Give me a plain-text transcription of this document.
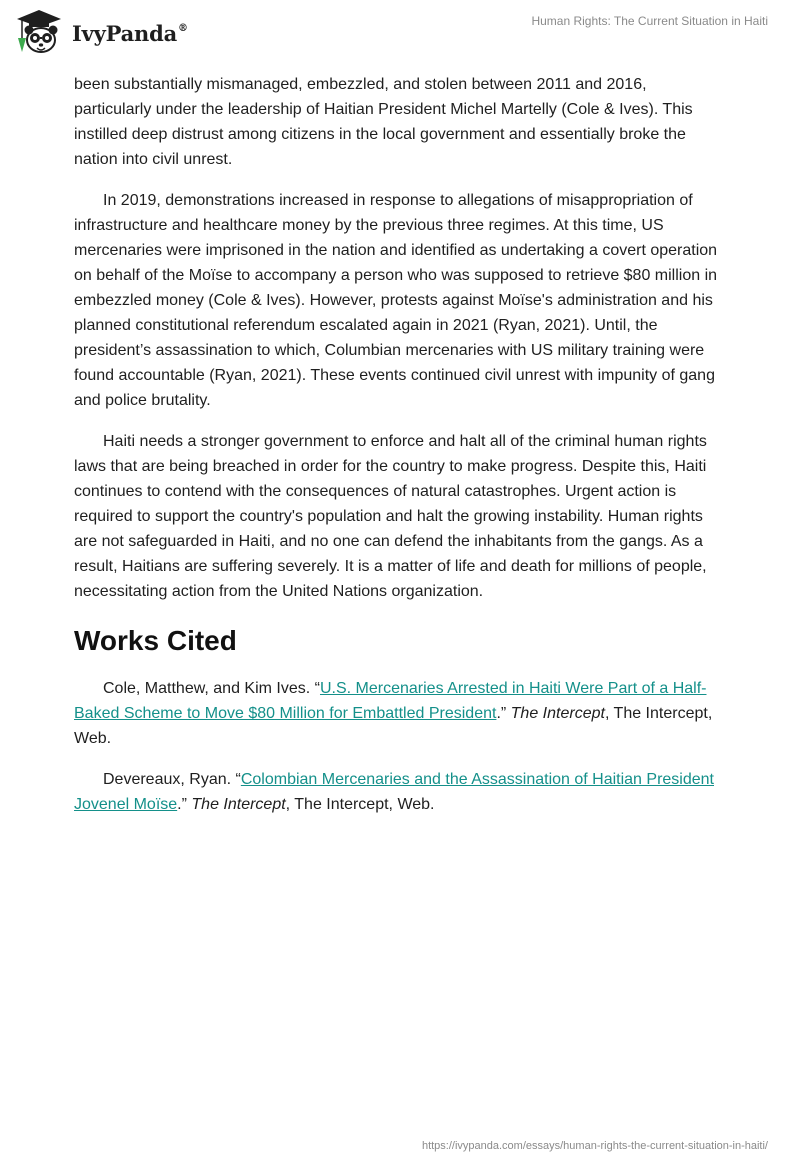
IvyPanda®	Human Rights: The Current Situation in Haiti

been substantially mismanaged, embezzled, and stolen between 2011 and 2016, particularly under the leadership of Haitian President Michel Martelly (Cole & Ives). This instilled deep distrust among citizens in the local government and essentially broke the nation into civil unrest.

In 2019, demonstrations increased in response to allegations of misappropriation of infrastructure and healthcare money by the previous three regimes. At this time, US mercenaries were imprisoned in the nation and identified as undertaking a covert operation on behalf of the Moïse to accompany a person who was supposed to retrieve $80 million in embezzled money (Cole & Ives). However, protests against Moïse's administration and his planned constitutional referendum escalated again in 2021 (Ryan, 2021). Until, the president’s assassination to which, Columbian mercenaries with US military training were found accountable (Ryan, 2021). These events continued civil unrest with impunity of gang and police brutality.

Haiti needs a stronger government to enforce and halt all of the criminal human rights laws that are being breached in order for the country to make progress. Despite this, Haiti continues to contend with the consequences of natural catastrophes. Urgent action is required to support the country's population and halt the growing instability. Human rights are not safeguarded in Haiti, and no one can defend the inhabitants from the gangs. As a result, Haitians are suffering severely. It is a matter of life and death for millions of people, necessitating action from the United Nations organization.

Works Cited

Cole, Matthew, and Kim Ives. “U.S. Mercenaries Arrested in Haiti Were Part of a Half-Baked Scheme to Move $80 Million for Embattled President.” The Intercept, The Intercept, Web.

Devereaux, Ryan. “Colombian Mercenaries and the Assassination of Haitian President Jovenel Moïse.” The Intercept, The Intercept, Web.

https://ivypanda.com/essays/human-rights-the-current-situation-in-haiti/
